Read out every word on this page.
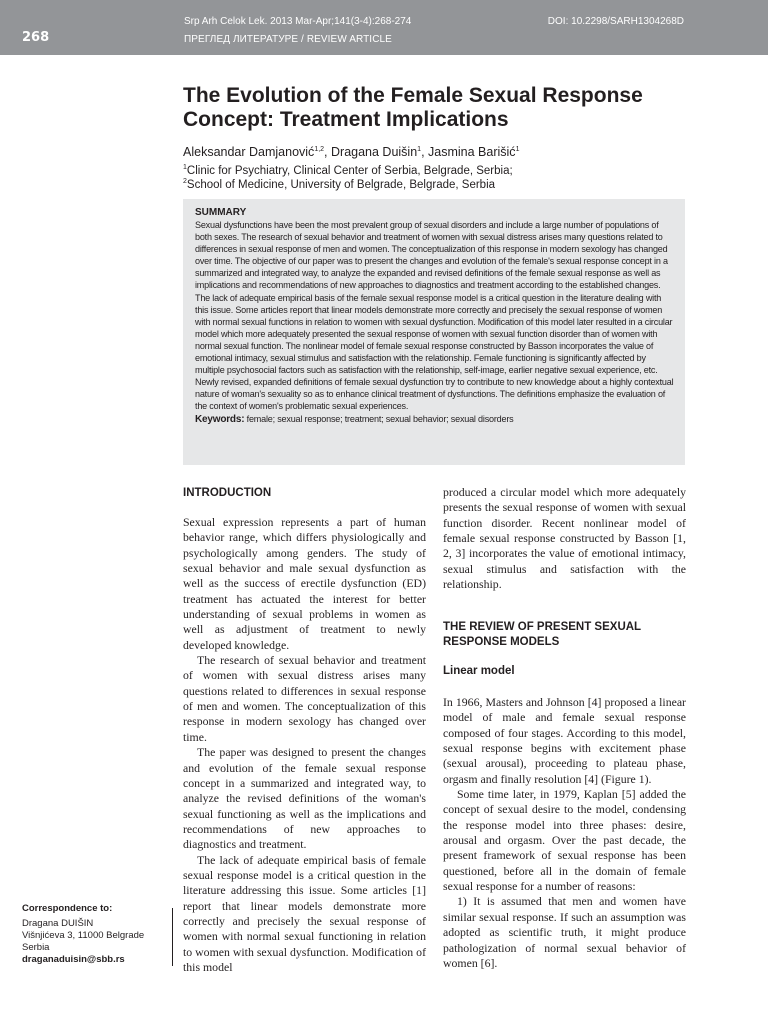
268
Srp Arh Celok Lek. 2013 Mar-Apr;141(3-4):268-274	DOI: 10.2298/SARH1304268D
ПРЕГЛЕД ЛИТЕРАТУРЕ / REVIEW ARTICLE
The Evolution of the Female Sexual Response Concept: Treatment Implications
Aleksandar Damjanović$^{1,2}$, Dragana Duišin$^1$, Jasmina Barišić$^1$
$^1$Clinic for Psychiatry, Clinical Center of Serbia, Belgrade, Serbia;
$^2$School of Medicine, University of Belgrade, Belgrade, Serbia
SUMMARY
Sexual dysfunctions have been the most prevalent group of sexual disorders and include a large number of populations of both sexes. The research of sexual behavior and treatment of women with sexual distress arises many questions related to differences in sexual response of men and women. The conceptualization of this response in modern sexology has changed over time. The objective of our paper was to present the changes and evolution of the female's sexual response concept in a summarized and integrated way, to analyze the expanded and revised definitions of the female sexual response as well as implications and recommendations of new approaches to diagnostics and treatment according to the established changes. The lack of adequate empirical basis of the female sexual response model is a critical question in the literature dealing with this issue. Some articles report that linear models demonstrate more correctly and precisely the sexual response of women with normal sexual functions in relation to women with sexual dysfunction. Modification of this model later resulted in a circular model which more adequately presented the sexual response of women with sexual function disorder than of women with normal sexual function. The nonlinear model of female sexual response constructed by Basson incorporates the value of emotional intimacy, sexual stimulus and satisfaction with the relationship. Female functioning is significantly affected by multiple psychosocial factors such as satisfaction with the relationship, self-image, earlier negative sexual experience, etc. Newly revised, expanded definitions of female sexual dysfunction try to contribute to new knowledge about a highly contextual nature of woman's sexuality so as to enhance clinical treatment of dysfunctions. The definitions emphasize the evaluation of the context of women's problematic sexual experiences.
Keywords: female; sexual response; treatment; sexual behavior; sexual disorders
INTRODUCTION

Sexual expression represents a part of human behavior range, which differs physiologically and psychologically among genders. The study of sexual behavior and male sexual dysfunction as well as the success of erectile dysfunction (ED) treatment has actuated the interest for better understanding of sexual problems in women as well as adjustment of treatment to newly developed knowledge.

The research of sexual behavior and treatment of women with sexual distress arises many questions related to differences in sexual response of men and women. The conceptualization of this response in modern sexology has changed over time.

The paper was designed to present the changes and evolution of the female sexual response concept in a summarized and integrated way, to analyze the revised definitions of the woman's sexual functioning as well as the implications and recommendations of new approaches to diagnostics and treatment.

The lack of adequate empirical basis of female sexual response model is a critical question in the literature addressing this issue. Some articles [1] report that linear models demonstrate more correctly and precisely the sexual response of women with normal sexual functioning in relation to women with sexual dysfunction. Modification of this model

produced a circular model which more adequately presents the sexual response of women with sexual function disorder. Recent nonlinear model of female sexual response constructed by Basson [1, 2, 3] incorporates the value of emotional intimacy, sexual stimulus and satisfaction with the relationship.

THE REVIEW OF PRESENT SEXUAL RESPONSE MODELS
Linear model

In 1966, Masters and Johnson [4] proposed a linear model of male and female sexual response composed of four stages. According to this model, sexual response begins with excitement phase (sexual arousal), proceeding to plateau phase, orgasm and finally resolution [4] (Figure 1).

Some time later, in 1979, Kaplan [5] added the concept of sexual desire to the model, condensing the response model into three phases: desire, arousal and orgasm. Over the past decade, the present framework of sexual response has been questioned, before all in the domain of female sexual response for a number of reasons:

1) It is assumed that men and women have similar sexual response. If such an assumption was adopted as scientific truth, it might produce pathologization of normal sexual behavior of women [6].

Correspondence to:
Dragana DUIŠIN
Višnjićeva 3, 11000 Belgrade
Serbia
draganaduisin@sbb.rs
